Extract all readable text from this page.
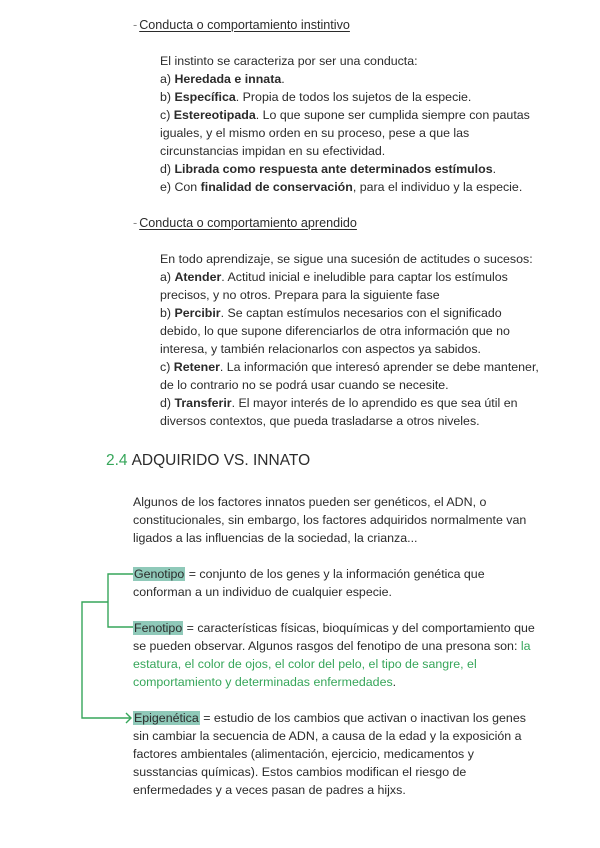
- Conducta o comportamiento instintivo
El instinto se caracteriza por ser una conducta:
a) Heredada e innata.
b) Específica. Propia de todos los sujetos de la especie.
c) Estereotipada. Lo que supone ser cumplida siempre con pautas
iguales, y el mismo orden en su proceso, pese a que las
circunstancias impidan en su efectividad.
d) Librada como respuesta ante determinados estímulos.
e) Con finalidad de conservación, para el individuo y la especie.
- Conducta o comportamiento aprendido
En todo aprendizaje, se sigue una sucesión de actitudes o sucesos:
a) Atender. Actitud inicial e ineludible para captar los estímulos
precisos, y no otros. Prepara para la siguiente fase
b) Percibir. Se captan estímulos necesarios con el significado
debido, lo que supone diferenciarlos de otra información que no
interesa, y también relacionarlos con aspectos ya sabidos.
c) Retener. La información que interesó aprender se debe mantener,
de lo contrario no se podrá usar cuando se necesite.
d) Transferir. El mayor interés de lo aprendido es que sea útil en
diversos contextos, que pueda trasladarse a otros niveles.
2.4 ADQUIRIDO VS. INNATO
Algunos de los factores innatos pueden ser genéticos, el ADN, o
constitucionales, sin embargo, los factores adquiridos normalmente van
ligados a las influencias de la sociedad, la crianza...
Genotipo = conjunto de los genes y la información genética que
conforman a un individuo de cualquier especie.
Fenotipo = características físicas, bioquímicas y del comportamiento que
se pueden observar. Algunos rasgos del fenotipo de una presona son: la
estatura, el color de ojos, el color del pelo, el tipo de sangre, el
comportamiento y determinadas enfermedades.
Epigenética = estudio de los cambios que activan o inactivan los genes
sin cambiar la secuencia de ADN, a causa de la edad y la exposición a
factores ambientales (alimentación, ejercicio, medicamentos y
susstancias químicas). Estos cambios modifican el riesgo de
enfermedades y a veces pasan de padres a hijxs.
